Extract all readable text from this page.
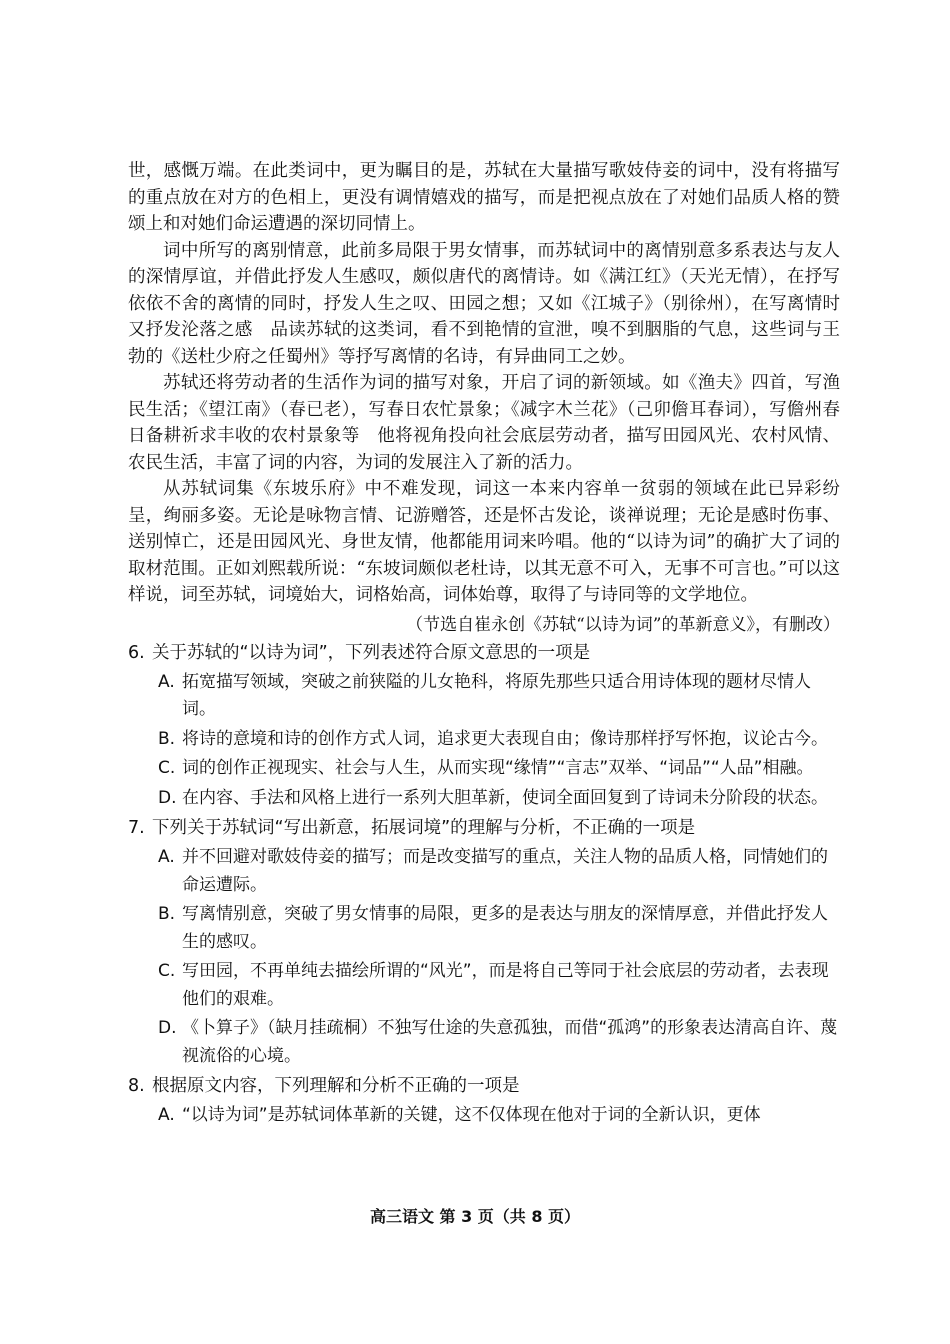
世，感慨万端。在此类词中，更为瞩目的是，苏轼在大量描写歌妓侍妾的词中，没有将描写的重点放在对方的色相上，更没有调情嬉戏的描写，而是把视点放在了对她们品质人格的赞颂上和对她们命运遭遇的深切同情上。

词中所写的离别情意，此前多局限于男女情事，而苏轼词中的离情别意多系表达与友人的深情厚谊，并借此抒发人生感叹，颇似唐代的离情诗。如《满江红》（天光无情），在抒写依依不舍的离情的同时，抒发人生之叹、田园之想；又如《江城子》（别徐州），在写离情时又抒发沦落之感　品读苏轼的这类词，看不到艳情的宣泄，嗅不到胭脂的气息，这些词与王勃的《送杜少府之任蜀州》等抒写离情的名诗，有异曲同工之妙。

苏轼还将劳动者的生活作为词的描写对象，开启了词的新领域。如《渔夫》四首，写渔民生活；《望江南》（春已老），写春日农忙景象；《减字木兰花》（己卯儋耳春词），写儋州春日备耕祈求丰收的农村景象等　他将视角投向社会底层劳动者，描写田园风光、农村风情、农民生活，丰富了词的内容，为词的发展注入了新的活力。

从苏轼词集《东坡乐府》中不难发现，词这一本来内容单一贫弱的领域在此已异彩纷呈，绚丽多姿。无论是咏物言情、记游赠答，还是怀古发论，谈禅说理；无论是感时伤事、送别悼亡，还是田园风光、身世友情，他都能用词来吟唱。他的“以诗为词”的确扩大了词的取材范围。正如刘熙载所说：“东坡词颇似老杜诗，以其无意不可入，无事不可言也。”可以这样说，词至苏轼，词境始大，词格始高，词体始尊，取得了与诗同等的文学地位。

（节选自崔永创《苏轼“以诗为词”的革新意义》，有删改）

6. 关于苏轼的“以诗为词”，下列表述符合原文意思的一项是
A. 拓宽描写领域，突破之前狭隘的儿女艳科，将原先那些只适合用诗体现的题材尽情人词。
B. 将诗的意境和诗的创作方式人词，追求更大表现自由；像诗那样抒写怀抱，议论古今。
C. 词的创作正视现实、社会与人生，从而实现“缘情”“言志”双举、“词品”“人品”相融。
D. 在内容、手法和风格上进行一系列大胆革新，使词全面回复到了诗词未分阶段的状态。
7. 下列关于苏轼词“写出新意，拓展词境”的理解与分析，不正确的一项是
A. 并不回避对歌妓侍妾的描写；而是改变描写的重点，关注人物的品质人格，同情她们的命运遭际。
B. 写离情别意，突破了男女情事的局限，更多的是表达与朋友的深情厚意，并借此抒发人生的感叹。
C. 写田园，不再单纯去描绘所谓的“风光”，而是将自己等同于社会底层的劳动者，去表现他们的艰难。
D. 《卜算子》（缺月挂疏桐）不独写仕途的失意孤独，而借“孤鸿”的形象表达清高自许、蔑视流俗的心境。
8. 根据原文内容，下列理解和分析不正确的一项是
A. “以诗为词”是苏轼词体革新的关键，这不仅体现在他对于词的全新认识，更体
高三语文 第 3 页（共 8 页）
